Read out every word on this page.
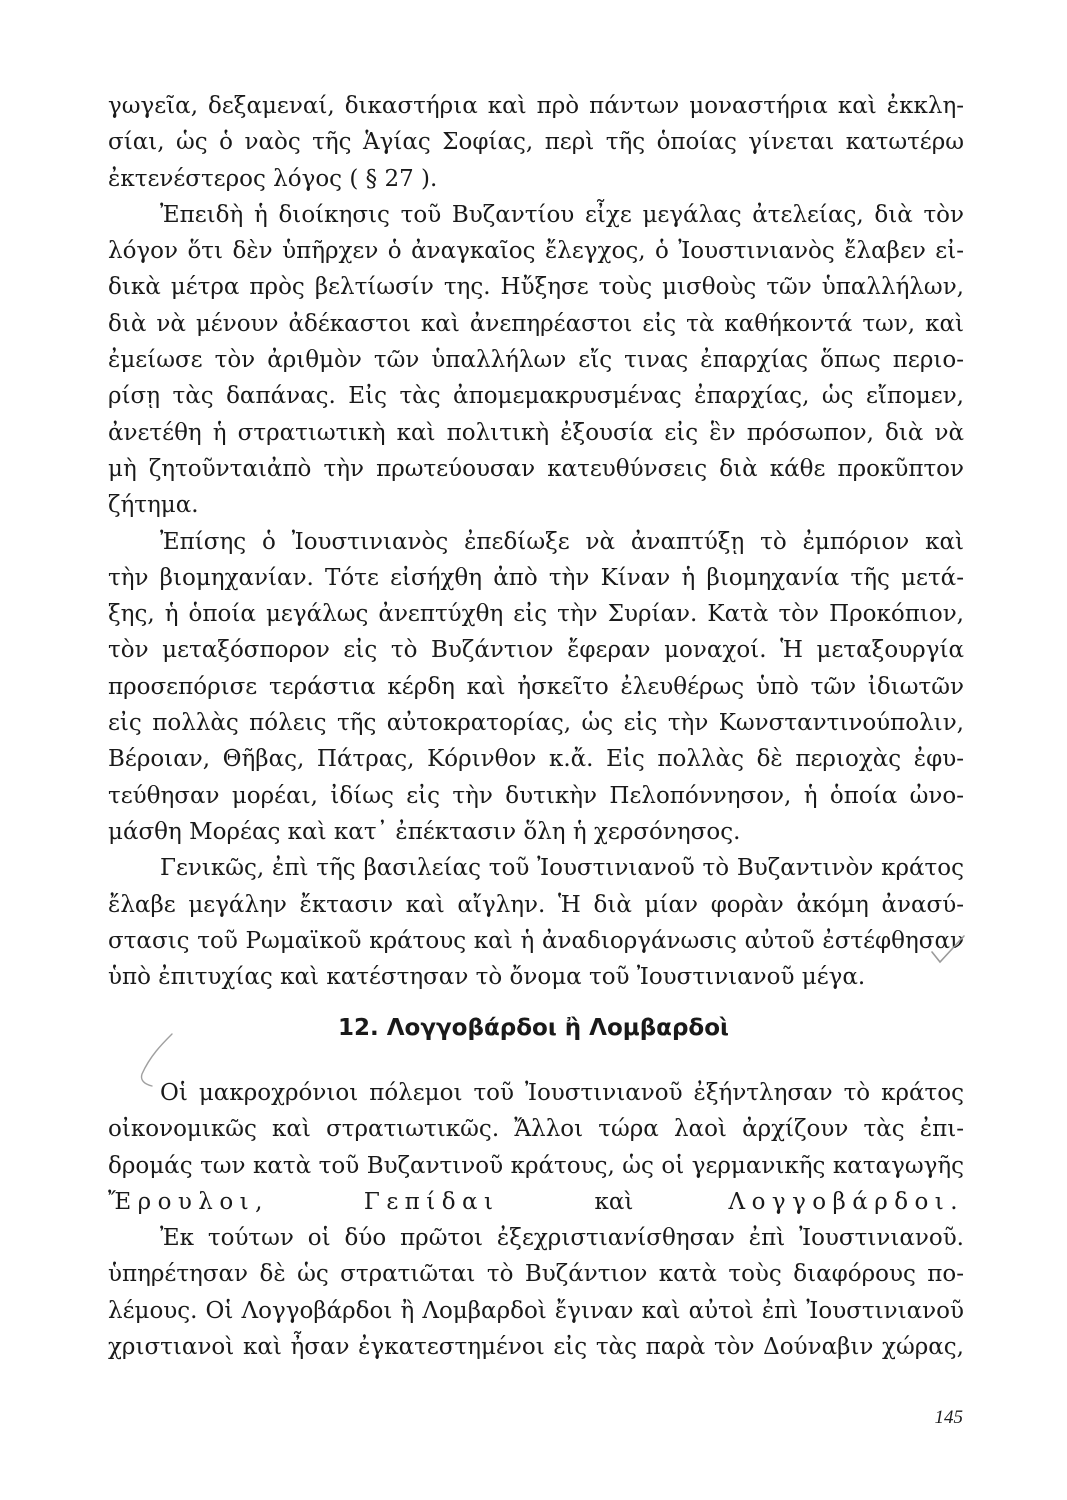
γωγεῖα, δεξαμεναί, δικαστήρια καὶ πρὸ πάντων μοναστήρια καὶ ἐκκλη-
σίαι, ὡς ὁ ναὸς τῆς Ἁγίας Σοφίας, περὶ τῆς ὁποίας γίνεται κατωτέρω
ἐκτενέστερος λόγος ( § 27 ).
Ἐπειδὴ ἡ διοίκησις τοῦ Βυζαντίου εἶχε μεγάλας ἀτελείας, διὰ τὸν
λόγον ὅτι δὲν ὑπῆρχεν ὁ ἀναγκαῖος ἔλεγχος, ὁ Ἰουστινιανὸς ἔλαβεν εἰ-
δικὰ μέτρα πρὸς βελτίωσίν της. Ηὔξησε τοὺς μισθοὺς τῶν ὑπαλλήλων,
διὰ νὰ μένουν ἀδέκαστοι καὶ ἀνεπηρέαστοι εἰς τὰ καθήκοντά των, καὶ
ἐμείωσε τὸν ἀριθμὸν τῶν ὑπαλλήλων εἴς τινας ἐπαρχίας ὅπως περιο-
ρίσῃ τὰς δαπάνας. Εἰς τὰς ἀπομεμακρυσμένας ἐπαρχίας, ὡς εἴπομεν,
ἀνετέθη ἡ στρατιωτικὴ καὶ πολιτικὴ ἐξουσία εἰς ἓν πρόσωπον, διὰ νὰ
μὴ ζητοῦνταιἀπὸ τὴν πρωτεύουσαν κατευθύνσεις διὰ κάθε προκῦπτον
ζήτημα.
Ἐπίσης ὁ Ἰουστινιανὸς ἐπεδίωξε νὰ ἀναπτύξῃ τὸ ἐμπόριον καὶ
τὴν βιομηχανίαν. Τότε εἰσήχθη ἀπὸ τὴν Κίναν ἡ βιομηχανία τῆς μετά-
ξης, ἡ ὁποία μεγάλως ἀνεπτύχθη εἰς τὴν Συρίαν. Κατὰ τὸν Προκόπιον,
τὸν μεταξόσπορον εἰς τὸ Βυζάντιον ἔφεραν μοναχοί. Ἡ μεταξουργία
προσεπόρισε τεράστια κέρδη καὶ ἠσκεῖτο ἐλευθέρως ὑπὸ τῶν ἰδιωτῶν
εἰς πολλὰς πόλεις τῆς αὐτοκρατορίας, ὡς εἰς τὴν Κωνσταντινούπολιν,
Βέροιαν, Θῆβας, Πάτρας, Κόρινθον κ.ἄ. Εἰς πολλὰς δὲ περιοχὰς ἐφυ-
τεύθησαν μορέαι, ἰδίως εἰς τὴν δυτικὴν Πελοπόννησον, ἡ ὁποία ὠνο-
μάσθη Μορέας καὶ κατ᾽ ἐπέκτασιν ὅλη ἡ χερσόνησος.
Γενικῶς, ἐπὶ τῆς βασιλείας τοῦ Ἰουστινιανοῦ τὸ Βυζαντινὸν κράτος
ἔλαβε μεγάλην ἔκτασιν καὶ αἴγλην. Ἡ διὰ μίαν φορὰν ἀκόμη ἀνασύ-
στασις τοῦ Ρωμαϊκοῦ κράτους καὶ ἡ ἀναδιοργάνωσις αὐτοῦ ἐστέφθησαν
ὑπὸ ἐπιτυχίας καὶ κατέστησαν τὸ ὄνομα τοῦ Ἰουστινιανοῦ μέγα.
12. Λογγοβάρδοι ἢ Λομβαρδοὶ
Οἱ μακροχρόνιοι πόλεμοι τοῦ Ἰουστινιανοῦ ἐξήντλησαν τὸ κράτος
οἰκονομικῶς καὶ στρατιωτικῶς. Ἄλλοι τώρα λαοὶ ἀρχίζουν τὰς ἐπι-
δρομάς των κατὰ τοῦ Βυζαντινοῦ κράτους, ὡς οἱ γερμανικῆς καταγωγῆς
Ἔρουλοι,	Γεπίδαι	καὶ	Λογγοβάρδοι.
Ἐκ τούτων οἱ δύο πρῶτοι ἐξεχριστιανίσθησαν ἐπὶ Ἰουστινιανοῦ.
ὑπηρέτησαν δὲ ὡς στρατιῶται τὸ Βυζάντιον κατὰ τοὺς διαφόρους πο-
λέμους. Οἱ Λογγοβάρδοι ἢ Λομβαρδοὶ ἔγιναν καὶ αὐτοὶ ἐπὶ Ἰουστινιανοῦ
χριστιανοὶ καὶ ἦσαν ἐγκατεστημένοι εἰς τὰς παρὰ τὸν Δούναβιν χώρας,
145
